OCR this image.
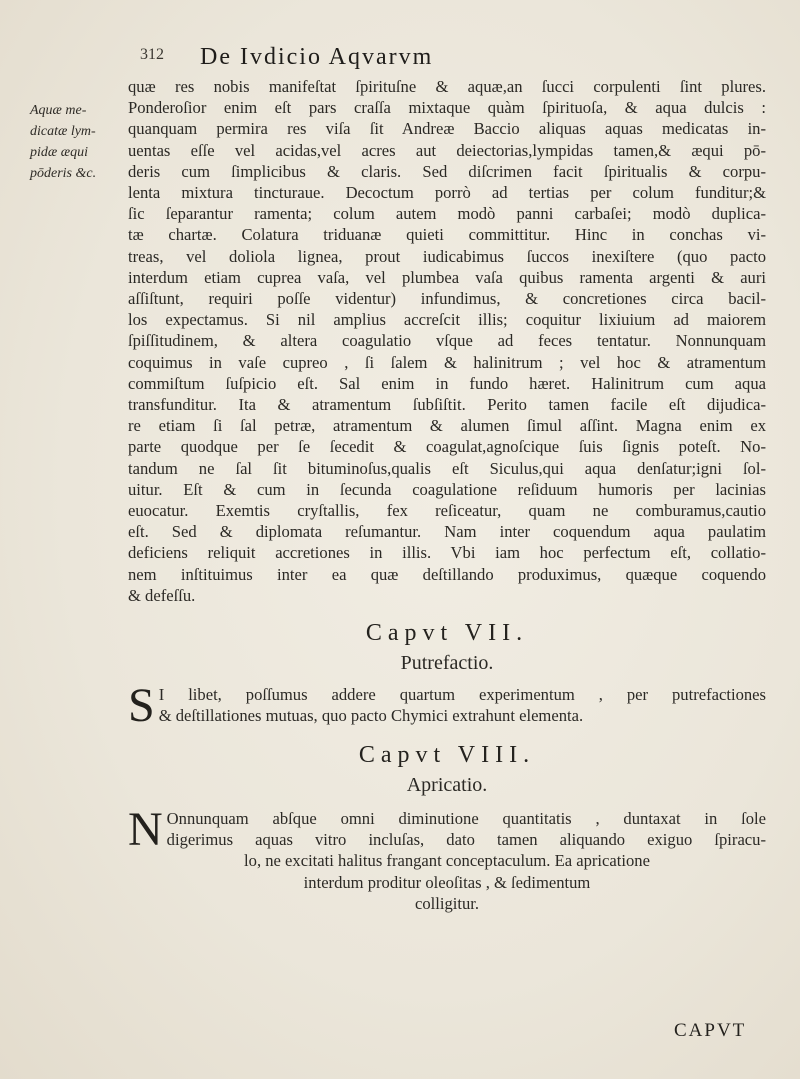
312 De Ivdicio Aqvarvm
Aquæ me-
dicatæ lym-
pidæ æqui
pōderis &c.
quæ res nobis manifeſtat ſpirituſne & aquæ,an ſucci corpulenti ſint plures.
Ponderoſior enim eſt pars craſſa mixtaque quàm ſpirituoſa, & aqua dulcis :
quanquam permira res viſa ſit Andreæ Baccio aliquas aquas medicatas in-
uentas eſſe vel acidas,vel acres aut deiectorias,lympidas tamen,& æqui pō-
deris cum ſimplicibus & claris. Sed diſcrimen facit ſpiritualis & corpu-
lenta mixtura tincturaue. Decoctum porrò ad tertias per colum funditur;&
ſic ſeparantur ramenta; colum autem modò panni carbaſei; modò duplica-
tæ chartæ. Colatura triduanæ quieti committitur. Hinc in conchas vi-
treas, vel doliola lignea, prout iudicabimus ſuccos inexiſtere (quo pacto
interdum etiam cuprea vaſa, vel plumbea vaſa quibus ramenta argenti & auri
aſſiſtunt, requiri poſſe videntur) infundimus, & concretiones circa bacil-
los expectamus. Si nil amplius accreſcit illis; coquitur lixiuium ad maiorem
ſpiſſitudinem, & altera coagulatio vſque ad feces tentatur. Nonnunquam
coquimus in vaſe cupreo , ſi ſalem & halinitrum ; vel hoc & atramentum
commiſtum ſuſpicio eſt. Sal enim in fundo hæret. Halinitrum cum aqua
transfunditur. Ita & atramentum ſubſiſtit. Perito tamen facile eſt dijudica-
re etiam ſi ſal petræ, atramentum & alumen ſimul aſſint. Magna enim ex
parte quodque per ſe ſecedit & coagulat,agnoſcique ſuis ſignis poteſt. No-
tandum ne ſal ſit bituminoſus,qualis eſt Siculus,qui aqua denſatur;igni ſol-
uitur. Eſt & cum in ſecunda coagulatione reſiduum humoris per lacinias
euocatur. Exemtis cryſtallis, fex reſiceatur, quam ne comburamus,cautio
eſt. Sed & diplomata reſumantur. Nam inter coquendum aqua paulatim
deficiens reliquit accretiones in illis. Vbi iam hoc perfectum eſt, collatio-
nem inſtituimus inter ea quæ deſtillando produximus, quæque coquendo
& defeſſu.
Capvt VII.
Putrefactio.
S I libet, poſſumus addere quartum experimentum , per putrefactiones
& deſtillationes mutuas, quo pacto Chymici extrahunt elementa.
Capvt VIII.
Apricatio.
N Onnunquam abſque omni diminutione quantitatis , duntaxat in ſole
digerimus aquas vitro incluſas, dato tamen aliquando exiguo ſpiracu-
lo, ne excitati halitus frangant conceptaculum. Ea apricatione
interdum proditur oleoſitas , & ſedimentum
colligitur.
CAPVT
